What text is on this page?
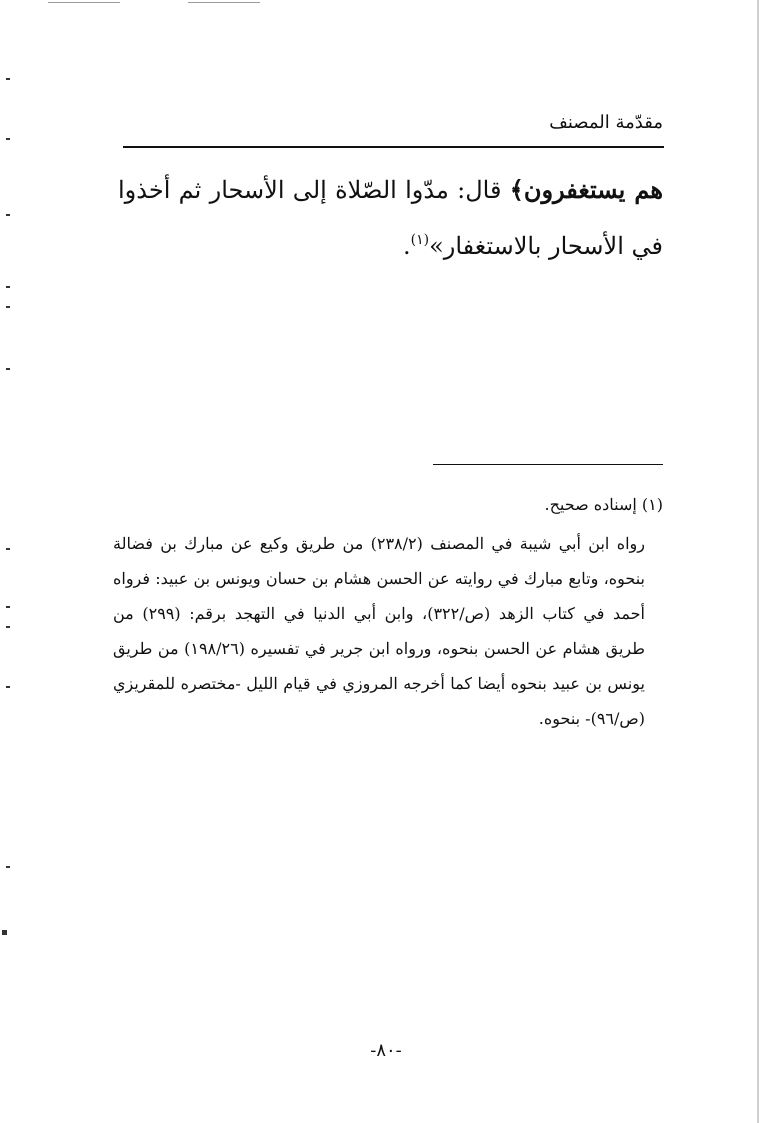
مقدّمة المصنف
هم يستغفرون﴾ قال: مدّوا الصّلاة إلى الأسحار ثم أخذوا في الأسحار بالاستغفار»$^{(١)}$.

(١) إسناده صحيح.

رواه ابن أبي شيبة في المصنف (٢٣٨/٢) من طريق وكيع عن مبارك بن فضالة بنحوه، وتابع مبارك في روايته عن الحسن هشام بن حسان ويونس بن عبيد: فرواه أحمد في كتاب الزهد (ص/٣٢٢)، وابن أبي الدنيا في التهجد برقم: (٢٩٩) من طريق هشام عن الحسن بنحوه، ورواه ابن جرير في تفسيره (١٩٨/٢٦) من طريق يونس بن عبيد بنحوه أيضا كما أخرجه المروزي في قيام الليل -مختصره للمقريزي (ص/٩٦)- بنحوه.

-٨٠-
